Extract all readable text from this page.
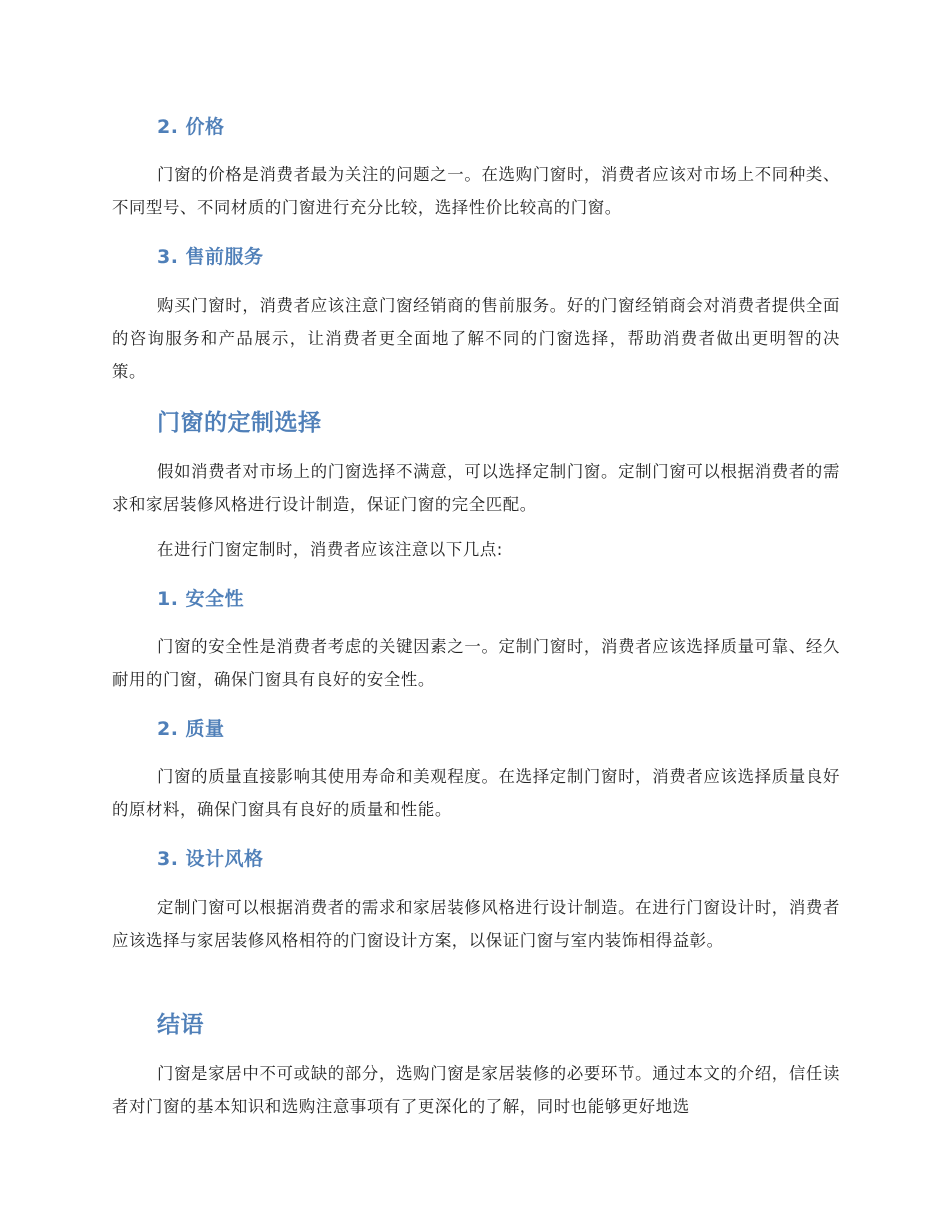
2. 价格

门窗的价格是消费者最为关注的问题之一。在选购门窗时，消费者应该对市场上不同种类、不同型号、不同材质的门窗进行充分比较，选择性价比较高的门窗。

3. 售前服务

购买门窗时，消费者应该注意门窗经销商的售前服务。好的门窗经销商会对消费者提供全面的咨询服务和产品展示，让消费者更全面地了解不同的门窗选择，帮助消费者做出更明智的决策。

门窗的定制选择

假如消费者对市场上的门窗选择不满意，可以选择定制门窗。定制门窗可以根据消费者的需求和家居装修风格进行设计制造，保证门窗的完全匹配。

在进行门窗定制时，消费者应该注意以下几点:

1. 安全性

门窗的安全性是消费者考虑的关键因素之一。定制门窗时，消费者应该选择质量可靠、经久耐用的门窗，确保门窗具有良好的安全性。

2. 质量

门窗的质量直接影响其使用寿命和美观程度。在选择定制门窗时，消费者应该选择质量良好的原材料，确保门窗具有良好的质量和性能。

3. 设计风格

定制门窗可以根据消费者的需求和家居装修风格进行设计制造。在进行门窗设计时，消费者应该选择与家居装修风格相符的门窗设计方案，以保证门窗与室内装饰相得益彰。

结语

门窗是家居中不可或缺的部分，选购门窗是家居装修的必要环节。通过本文的介绍，信任读者对门窗的基本知识和选购注意事项有了更深化的了解，同时也能够更好地选
